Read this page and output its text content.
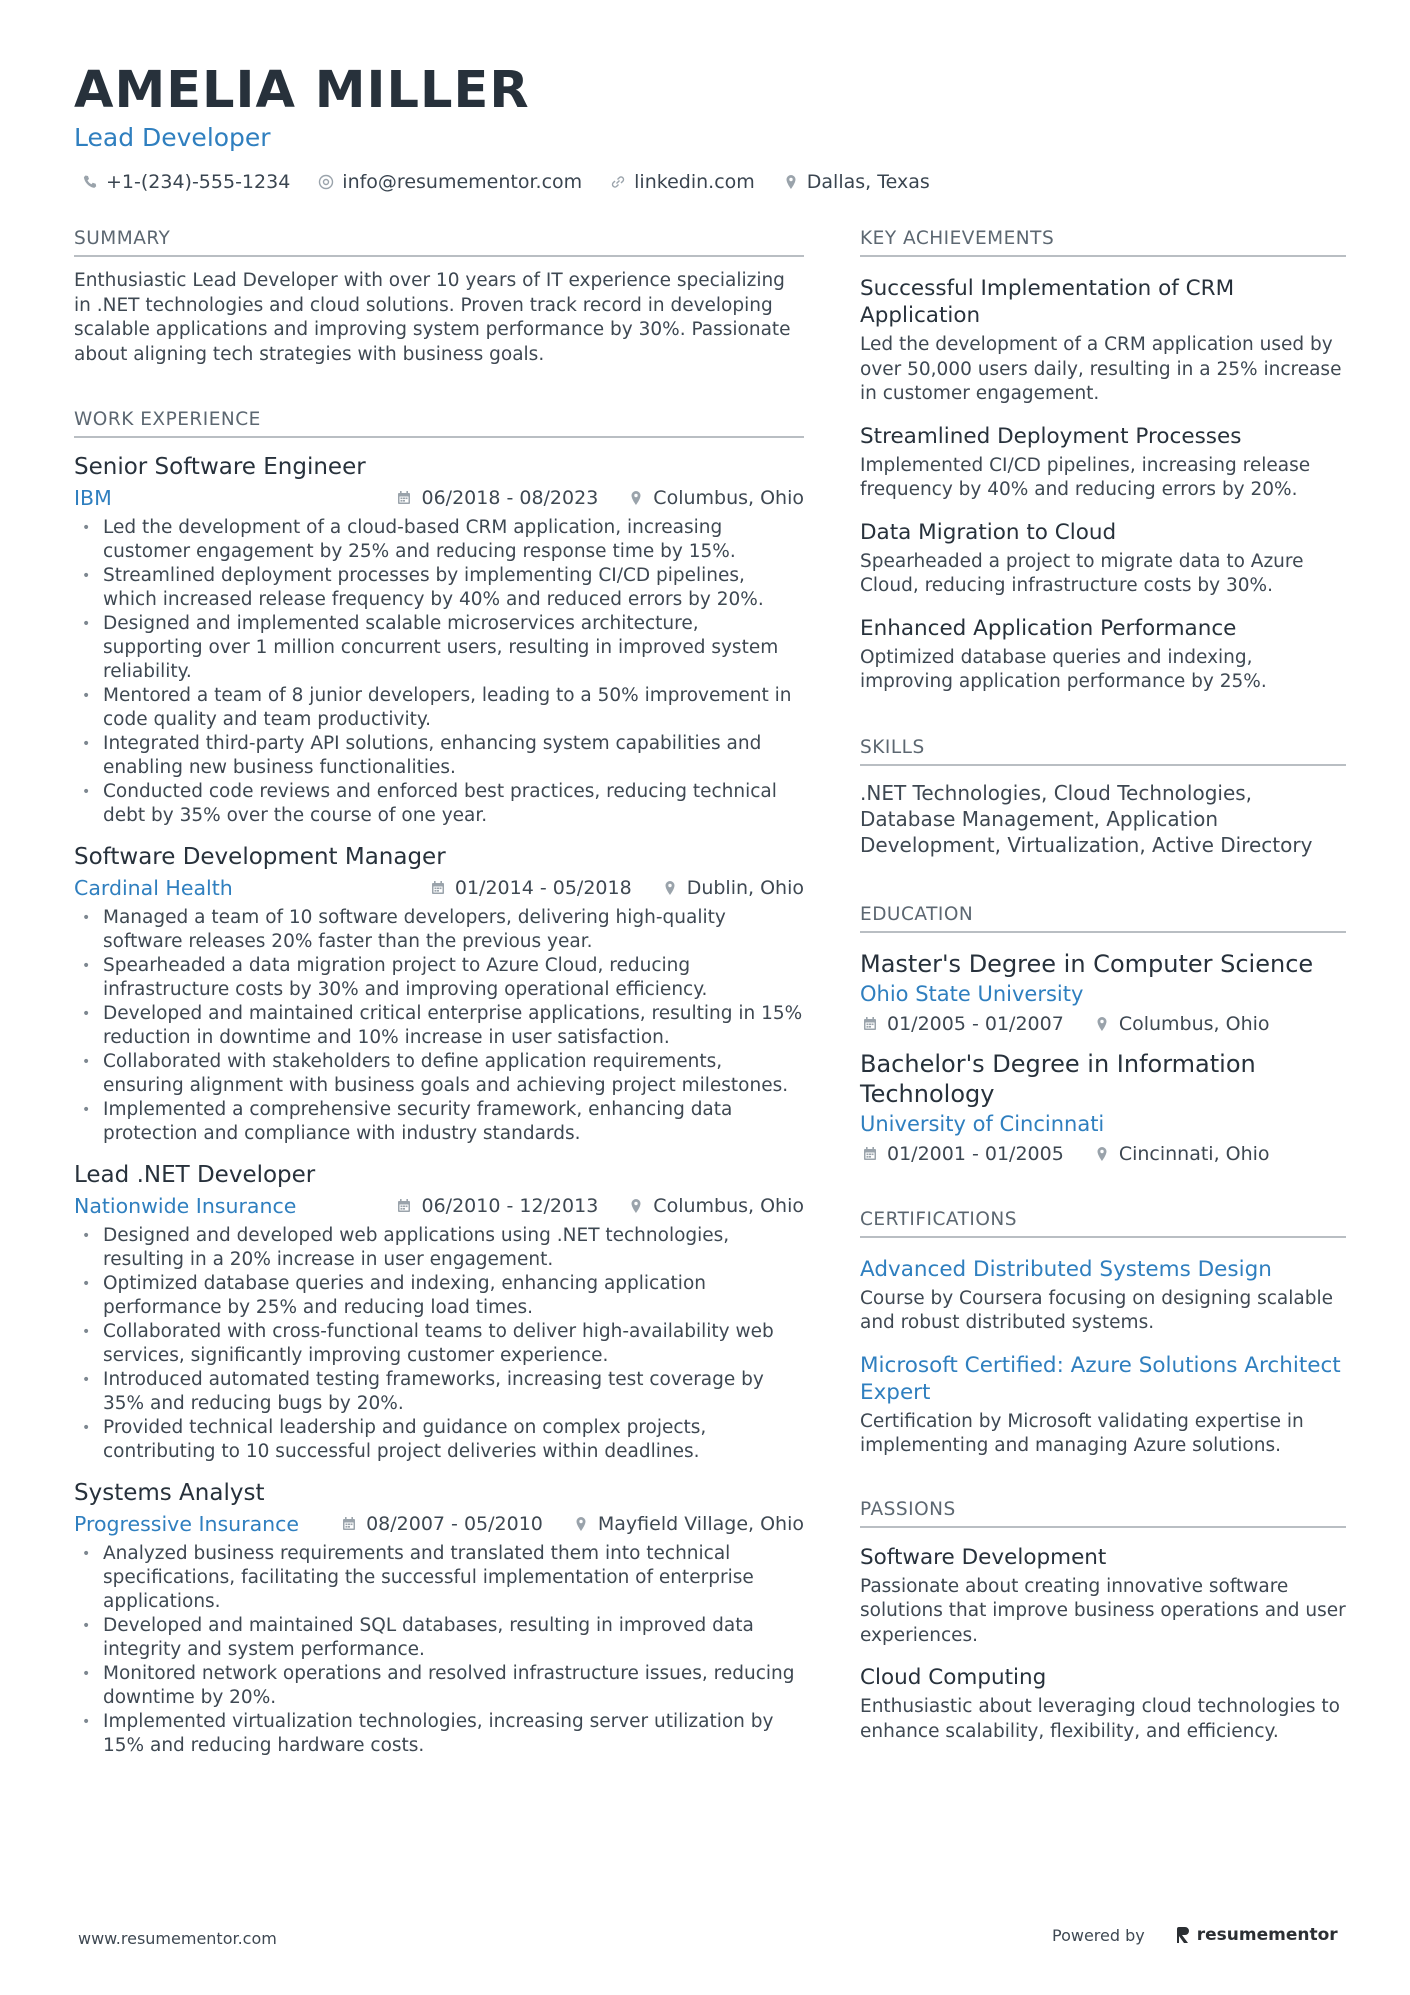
AMELIA MILLER
Lead Developer
+1-(234)-555-1234	info@resumementor.com	linkedin.com	Dallas, Texas
SUMMARY

Enthusiastic Lead Developer with over 10 years of IT experience specializing in .NET technologies and cloud solutions. Proven track record in developing scalable applications and improving system performance by 30%. Passionate about aligning tech strategies with business goals.

WORK EXPERIENCE
Senior Software Engineer
IBM	06/2018 - 08/2023	Columbus, Ohio
• Led the development of a cloud-based CRM application, increasing customer engagement by 25% and reducing response time by 15%.
• Streamlined deployment processes by implementing CI/CD pipelines, which increased release frequency by 40% and reduced errors by 20%.
• Designed and implemented scalable microservices architecture, supporting over 1 million concurrent users, resulting in improved system reliability.
• Mentored a team of 8 junior developers, leading to a 50% improvement in code quality and team productivity.
• Integrated third-party API solutions, enhancing system capabilities and enabling new business functionalities.
• Conducted code reviews and enforced best practices, reducing technical debt by 35% over the course of one year.
Software Development Manager
Cardinal Health	01/2014 - 05/2018	Dublin, Ohio
• Managed a team of 10 software developers, delivering high-quality software releases 20% faster than the previous year.
• Spearheaded a data migration project to Azure Cloud, reducing infrastructure costs by 30% and improving operational efficiency.
• Developed and maintained critical enterprise applications, resulting in 15% reduction in downtime and 10% increase in user satisfaction.
• Collaborated with stakeholders to define application requirements, ensuring alignment with business goals and achieving project milestones.
• Implemented a comprehensive security framework, enhancing data protection and compliance with industry standards.
Lead .NET Developer
Nationwide Insurance	06/2010 - 12/2013	Columbus, Ohio
• Designed and developed web applications using .NET technologies, resulting in a 20% increase in user engagement.
• Optimized database queries and indexing, enhancing application performance by 25% and reducing load times.
• Collaborated with cross-functional teams to deliver high-availability web services, significantly improving customer experience.
• Introduced automated testing frameworks, increasing test coverage by 35% and reducing bugs by 20%.
• Provided technical leadership and guidance on complex projects, contributing to 10 successful project deliveries within deadlines.
Systems Analyst
Progressive Insurance	08/2007 - 05/2010	Mayfield Village, Ohio
• Analyzed business requirements and translated them into technical specifications, facilitating the successful implementation of enterprise applications.
• Developed and maintained SQL databases, resulting in improved data integrity and system performance.
• Monitored network operations and resolved infrastructure issues, reducing downtime by 20%.
• Implemented virtualization technologies, increasing server utilization by 15% and reducing hardware costs.
KEY ACHIEVEMENTS
Successful Implementation of CRM Application
Led the development of a CRM application used by over 50,000 users daily, resulting in a 25% increase in customer engagement.
Streamlined Deployment Processes
Implemented CI/CD pipelines, increasing release frequency by 40% and reducing errors by 20%.
Data Migration to Cloud
Spearheaded a project to migrate data to Azure Cloud, reducing infrastructure costs by 30%.
Enhanced Application Performance
Optimized database queries and indexing, improving application performance by 25%.
SKILLS
.NET Technologies, Cloud Technologies, Database Management, Application Development, Virtualization, Active Directory
EDUCATION
Master's Degree in Computer Science
Ohio State University
01/2005 - 01/2007	Columbus, Ohio
Bachelor's Degree in Information Technology
University of Cincinnati
01/2001 - 01/2005	Cincinnati, Ohio
CERTIFICATIONS
Advanced Distributed Systems Design
Course by Coursera focusing on designing scalable and robust distributed systems.
Microsoft Certified: Azure Solutions Architect Expert
Certification by Microsoft validating expertise in implementing and managing Azure solutions.
PASSIONS
Software Development
Passionate about creating innovative software solutions that improve business operations and user experiences.
Cloud Computing
Enthusiastic about leveraging cloud technologies to enhance scalability, flexibility, and efficiency.
www.resumementor.com	Powered by	resumementor
